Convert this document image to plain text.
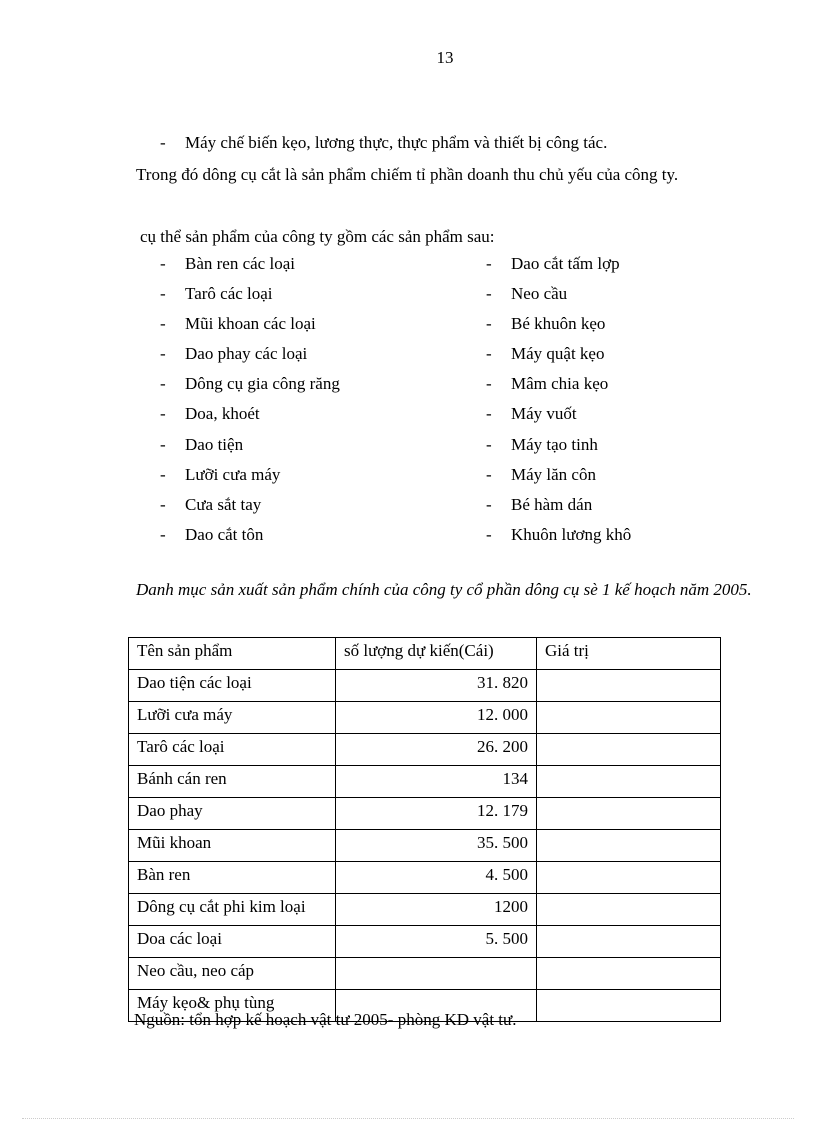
13
- Máy chế biến kẹo, lương thực, thực phẩm và thiết bị công tác.
Trong đó dông cụ cắt là sản phẩm chiếm tỉ phần doanh thu chủ yếu của công ty.
cụ thể sản phẩm của công ty gồm các sản phẩm sau:
- Bàn ren các loại	- Dao cắt tấm lợp
- Tarô các loại	- Neo cầu
- Mũi khoan các loại	- Bé khuôn kẹo
- Dao phay các loại	- Máy quật kẹo
- Dông cụ gia công răng	- Mâm chia kẹo
- Doa, khoét	- Máy vuốt
- Dao tiện	- Máy tạo tinh
- Lưỡi cưa máy	- Máy lăn côn
- Cưa sắt tay	- Bé hàm dán
- Dao cắt tôn	- Khuôn lương khô
Danh mục sản xuất sản phẩm chính của công ty cổ phần dông cụ sè 1 kế hoạch năm 2005.
Tên sản phẩm	số lượng dự kiến(Cái)	Giá trị
Dao tiện các loại	31. 820	
Lưỡi cưa máy	12. 000	
Tarô các loại	26. 200	
Bánh cán ren	134	
Dao phay	12. 179	
Mũi khoan	35. 500	
Bàn ren	4. 500	
Dông cụ cắt phi kim loại	1200	
Doa các loại	5. 500	
Neo cầu, neo cáp		
Máy kẹo& phụ tùng		
Nguồn: tổn hợp kế hoạch vật tư 2005- phòng KD vật tư.
